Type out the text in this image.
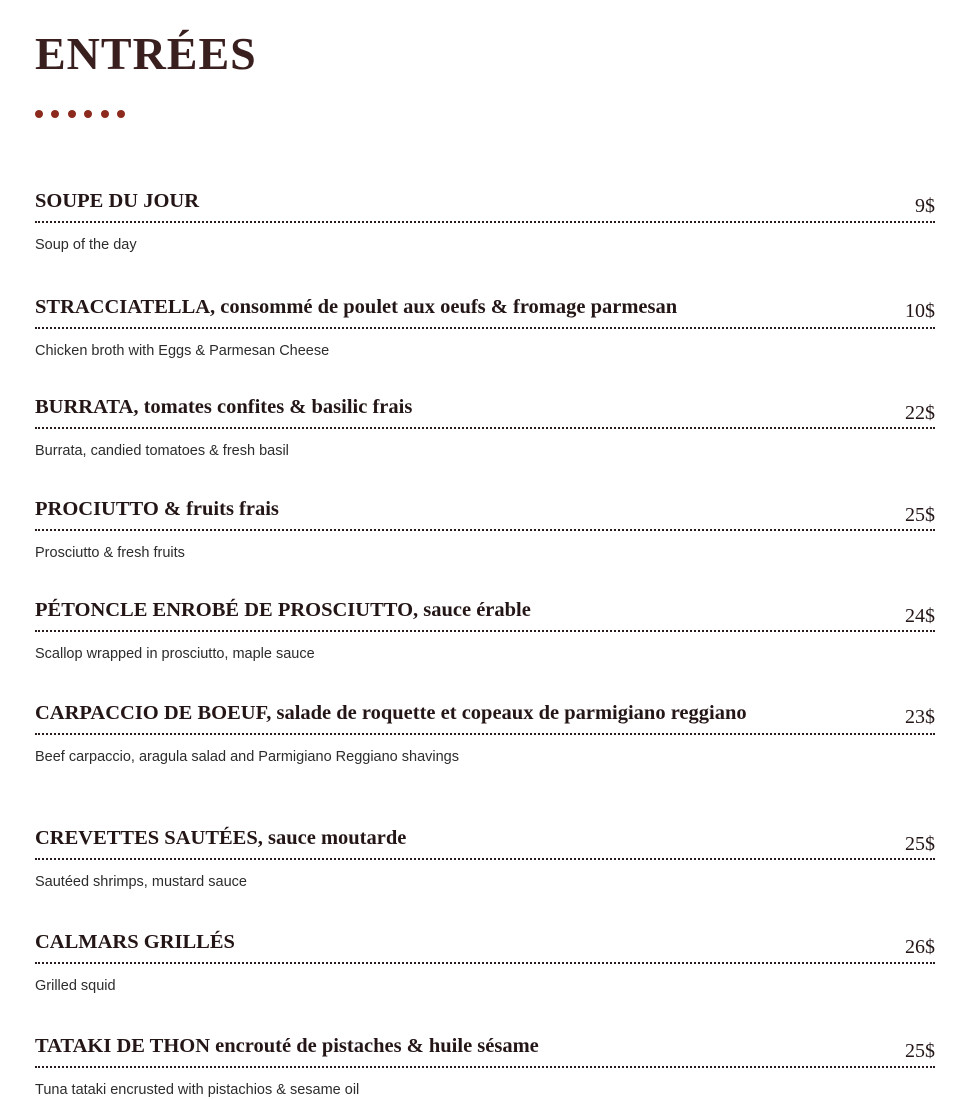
ENTRÉES
SOUPE DU JOUR	9$
Soup of the day
STRACCIATELLA, consommé de poulet aux oeufs & fromage parmesan	10$
Chicken broth with Eggs & Parmesan Cheese
BURRATA, tomates confites & basilic frais	22$
Burrata, candied tomatoes & fresh basil
PROCIUTTO & fruits frais	25$
Prosciutto & fresh fruits
PÉTONCLE ENROBÉ DE PROSCIUTTO, sauce érable	24$
Scallop wrapped in prosciutto, maple sauce
CARPACCIO DE BOEUF, salade de roquette et copeaux de parmigiano reggiano	23$
Beef carpaccio, aragula salad and Parmigiano Reggiano shavings
CREVETTES SAUTÉES, sauce moutarde	25$
Sautéed shrimps, mustard sauce
CALMARS GRILLÉS	26$
Grilled squid
TATAKI DE THON encrouté de pistaches & huile sésame	25$
Tuna tataki encrusted with pistachios & sesame oil
